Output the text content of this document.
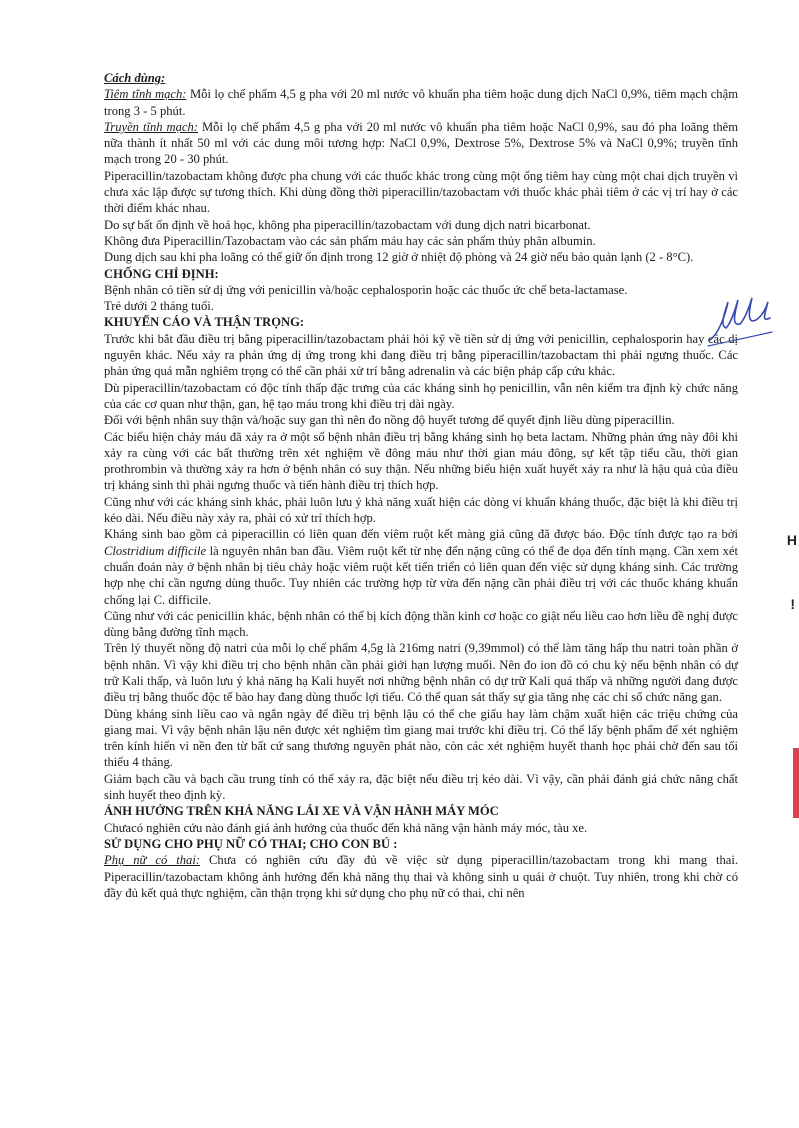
Cách dùng:

Tiêm tĩnh mạch: Mỗi lọ chế phẩm 4,5 g pha với 20 ml nước vô khuẩn pha tiêm hoặc dung dịch NaCl 0,9%, tiêm mạch chậm trong 3 - 5 phút.

Truyền tĩnh mạch: Mỗi lọ chế phẩm 4,5 g pha với 20 ml nước vô khuẩn pha tiêm hoặc NaCl 0,9%, sau đó pha loãng thêm nữa thành ít nhất 50 ml với các dung môi tương hợp: NaCl 0,9%, Dextrose 5%, Dextrose 5% và NaCl 0,9%; truyền tĩnh mạch trong 20 - 30 phút.

Piperacillin/tazobactam không được pha chung với các thuốc khác trong cùng một ống tiêm hay cùng một chai dịch truyền vì chưa xác lập được sự tương thích. Khi dùng đồng thời piperacillin/tazobactam với thuốc khác phải tiêm ở các vị trí hay ở các thời điểm khác nhau.

Do sự bất ổn định về hoá học, không pha piperacillin/tazobactam với dung dịch natri bicarbonat.

Không đưa Piperacillin/Tazobactam vào các sản phẩm máu hay các sản phẩm thủy phân albumin.

Dung dịch sau khi pha loãng có thể giữ ổn định trong 12 giờ ở nhiệt độ phòng và 24 giờ nếu bảo quản lạnh (2 - 8°C).

CHỐNG CHỈ ĐỊNH:

Bệnh nhân có tiền sử dị ứng với penicillin và/hoặc cephalosporin hoặc các thuốc ức chế beta-lactamase.

Trẻ dưới 2 tháng tuổi.

KHUYẾN CÁO VÀ THẬN TRỌNG:

Trước khi bắt đầu điều trị bằng piperacillin/tazobactam phải hỏi kỹ về tiền sử dị ứng với penicillin, cephalosporin hay các dị nguyên khác. Nếu xảy ra phản ứng dị ứng trong khi đang điều trị bằng piperacillin/tazobactam thì phải ngưng thuốc. Các phản ứng quá mẫn nghiêm trọng có thể cần phải xử trí bằng adrenalin và các biện pháp cấp cứu khác.

Dù piperacillin/tazobactam có độc tính thấp đặc trưng của các kháng sinh họ penicillin, vẫn nên kiểm tra định kỳ chức năng của các cơ quan như thận, gan, hệ tạo máu trong khi điều trị dài ngày.

Đối với bệnh nhân suy thận và/hoặc suy gan thì nên đo nồng độ huyết tương để quyết định liều dùng piperacillin.

Các biểu hiện chảy máu đã xảy ra ở một số bệnh nhân điều trị bằng kháng sinh họ beta lactam. Những phản ứng này đôi khi xảy ra cùng với các bất thường trên xét nghiệm về đông máu như thời gian máu đông, sự kết tập tiểu cầu, thời gian prothrombin và thường xảy ra hơn ở bệnh nhân có suy thận. Nếu những biểu hiện xuất huyết xảy ra như là hậu quả của điều trị kháng sinh thì phải ngưng thuốc và tiến hành điều trị thích hợp.

Cũng như với các kháng sinh khác, phải luôn lưu ý khả năng xuất hiện các dòng vi khuẩn kháng thuốc, đặc biệt là khi điều trị kéo dài. Nếu điều này xảy ra, phải có xử trí thích hợp.

Kháng sinh bao gồm cả piperacillin có liên quan đến viêm ruột kết màng giả cũng đã được báo. Độc tính được tạo ra bởi Clostridium difficile là nguyên nhân ban đầu. Viêm ruột kết từ nhẹ đến nặng cũng có thể đe dọa đến tính mạng. Cần xem xét chuẩn đoán này ở bệnh nhân bị tiêu chảy hoặc viêm ruột kết tiến triển có liên quan đến việc sử dụng kháng sinh. Các trường hợp nhẹ chỉ cần ngưng dùng thuốc. Tuy nhiên các trường hợp từ vừa đến nặng cần phải điều trị với các thuốc kháng khuẩn chống lại C. difficile.

Cũng như với các penicillin khác, bệnh nhân có thể bị kích động thần kinh cơ hoặc co giật nếu liều cao hơn liều đề nghị được dùng bằng đường tĩnh mạch.

Trên lý thuyết nồng độ natri của mỗi lọ chế phẩm 4,5g là 216mg natri (9,39mmol) có thể làm tăng hấp thu natri toàn phần ở bệnh nhân. Vì vậy khi điều trị cho bệnh nhân cần phải giới hạn lượng muối. Nên đo ion đồ có chu kỳ nếu bệnh nhân có dự trữ Kali thấp, và luôn lưu ý khả năng hạ Kali huyết nơi những bệnh nhân có dự trữ Kali quá thấp và những người đang được điều trị bằng thuốc độc tế bào hay đang dùng thuốc lợi tiểu. Có thể quan sát thấy sự gia tăng nhẹ các chỉ số chức năng gan.

Dùng kháng sinh liều cao và ngắn ngày để điều trị bệnh lậu có thể che giấu hay làm chậm xuất hiện các triệu chứng của giang mai. Vì vậy bệnh nhân lậu nên được xét nghiệm tìm giang mai trước khi điều trị. Có thể lấy bệnh phẩm để xét nghiệm trên kính hiển vi nền đen từ bất cứ sang thương nguyên phát nào, còn các xét nghiệm huyết thanh học phải chờ đến sau tối thiểu 4 tháng.

Giảm bạch cầu và bạch cầu trung tính có thể xảy ra, đặc biệt nếu điều trị kéo dài. Vì vậy, cần phải đánh giá chức năng chất sinh huyết theo định kỳ.

ẢNH HƯỞNG TRÊN KHẢ NĂNG LÁI XE VÀ VẬN HÀNH MÁY MÓC

Chưacó nghiên cứu nào đánh giá ảnh hưởng của thuốc đến khả năng vận hành máy móc, tàu xe.

SỬ DỤNG CHO PHỤ NỮ CÓ THAI; CHO CON BÚ :

Phụ nữ có thai: Chưa có nghiên cứu đầy đủ về việc sử dụng piperacillin/tazobactam trong khi mang thai. Piperacillin/tazobactam không ảnh hưởng đến khả năng thụ thai và không sinh u quái ở chuột. Tuy nhiên, trong khi chờ có đầy đủ kết quả thực nghiệm, cần thận trọng khi sử dụng cho phụ nữ có thai, chỉ nên

H
!
